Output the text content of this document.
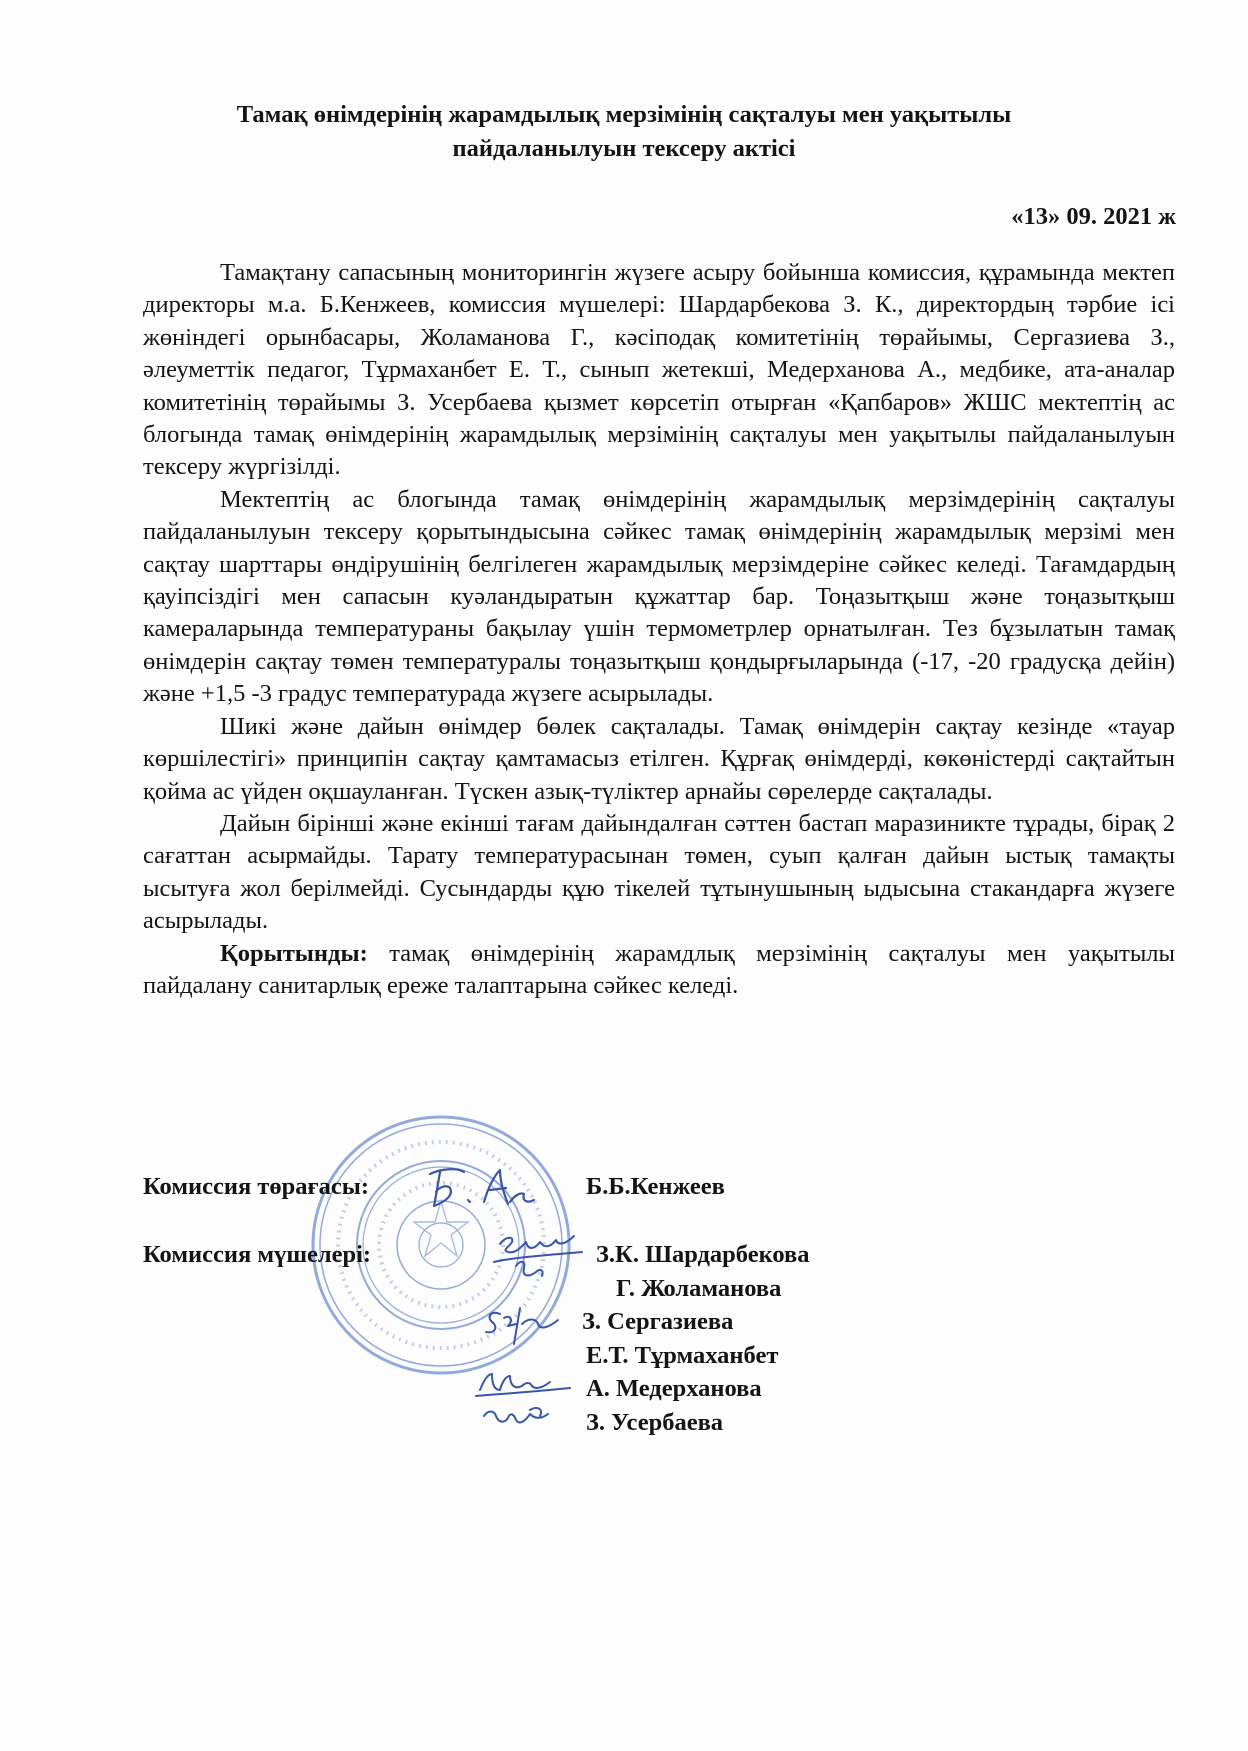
Тамақ өнімдерінің жарамдылық мерзімінің сақталуы мен уақытылы
пайдаланылуын тексеру актісі
«13» 09. 2021 ж

Тамақтану сапасының мониторингін жүзеге асыру бойынша комиссия, құрамында мектеп директоры м.а. Б.Кенжеев, комиссия мүшелері: Шардарбекова З. К., директордың тәрбие ісі жөніндегі орынбасары, Жоламанова Г., кәсіподақ комитетінің төрайымы, Сергазиева З., әлеуметтік педагог, Тұрмаханбет Е. Т., сынып жетекші, Медерханова А., медбике, ата-аналар комитетінің төрайымы З. Усербаева қызмет көрсетіп отырған «Қапбаров» ЖШС мектептің ас блогында тамақ өнімдерінің жарамдылық мерзімінің сақталуы мен уақытылы пайдаланылуын тексеру жүргізілді.

Мектептің ас блогында тамақ өнімдерінің жарамдылық мерзімдерінің сақталуы пайдаланылуын тексеру қорытындысына сәйкес тамақ өнімдерінің жарамдылық мерзімі мен сақтау шарттары өндірушінің белгілеген жарамдылық мерзімдеріне сәйкес келеді. Тағамдардың қауіпсіздігі мен сапасын куәландыратын құжаттар бар. Тоңазытқыш және тоңазытқыш камераларында температураны бақылау үшін термометрлер орнатылған. Тез бұзылатын тамақ өнімдерін сақтау төмен температуралы тоңазытқыш қондырғыларында (-17, -20 градусқа дейін) және +1,5 -3 градус температурада жүзеге асырылады.

Шикі және дайын өнімдер бөлек сақталады. Тамақ өнімдерін сақтау кезінде «тауар көршілестігі» принципін сақтау қамтамасыз етілген. Құрғақ өнімдерді, көкөністерді сақтайтын қойма ас үйден оқшауланған. Түскен азық-түліктер арнайы сөрелерде сақталады.

Дайын бірінші және екінші тағам дайындалған сәттен бастап маразиникте тұрады, бірақ 2 сағаттан асырмайды. Тарату температурасынан төмен, суып қалған дайын ыстық тамақты ысытуға жол берілмейді. Сусындарды құю тікелей тұтынушының ыдысына стакандарға жүзеге асырылады.

Қорытынды: тамақ өнімдерінің жарамдлық мерзімінің сақталуы мен уақытылы пайдалану санитарлық ереже талаптарына сәйкес келеді.

Комиссия төрағасы:	Б.Б.Кенжеев
Комиссия мүшелері:	З.К. Шардарбекова
Г. Жоламанова
З. Сергазиева
Е.Т. Тұрмаханбет
А. Медерханова
З. Усербаева
